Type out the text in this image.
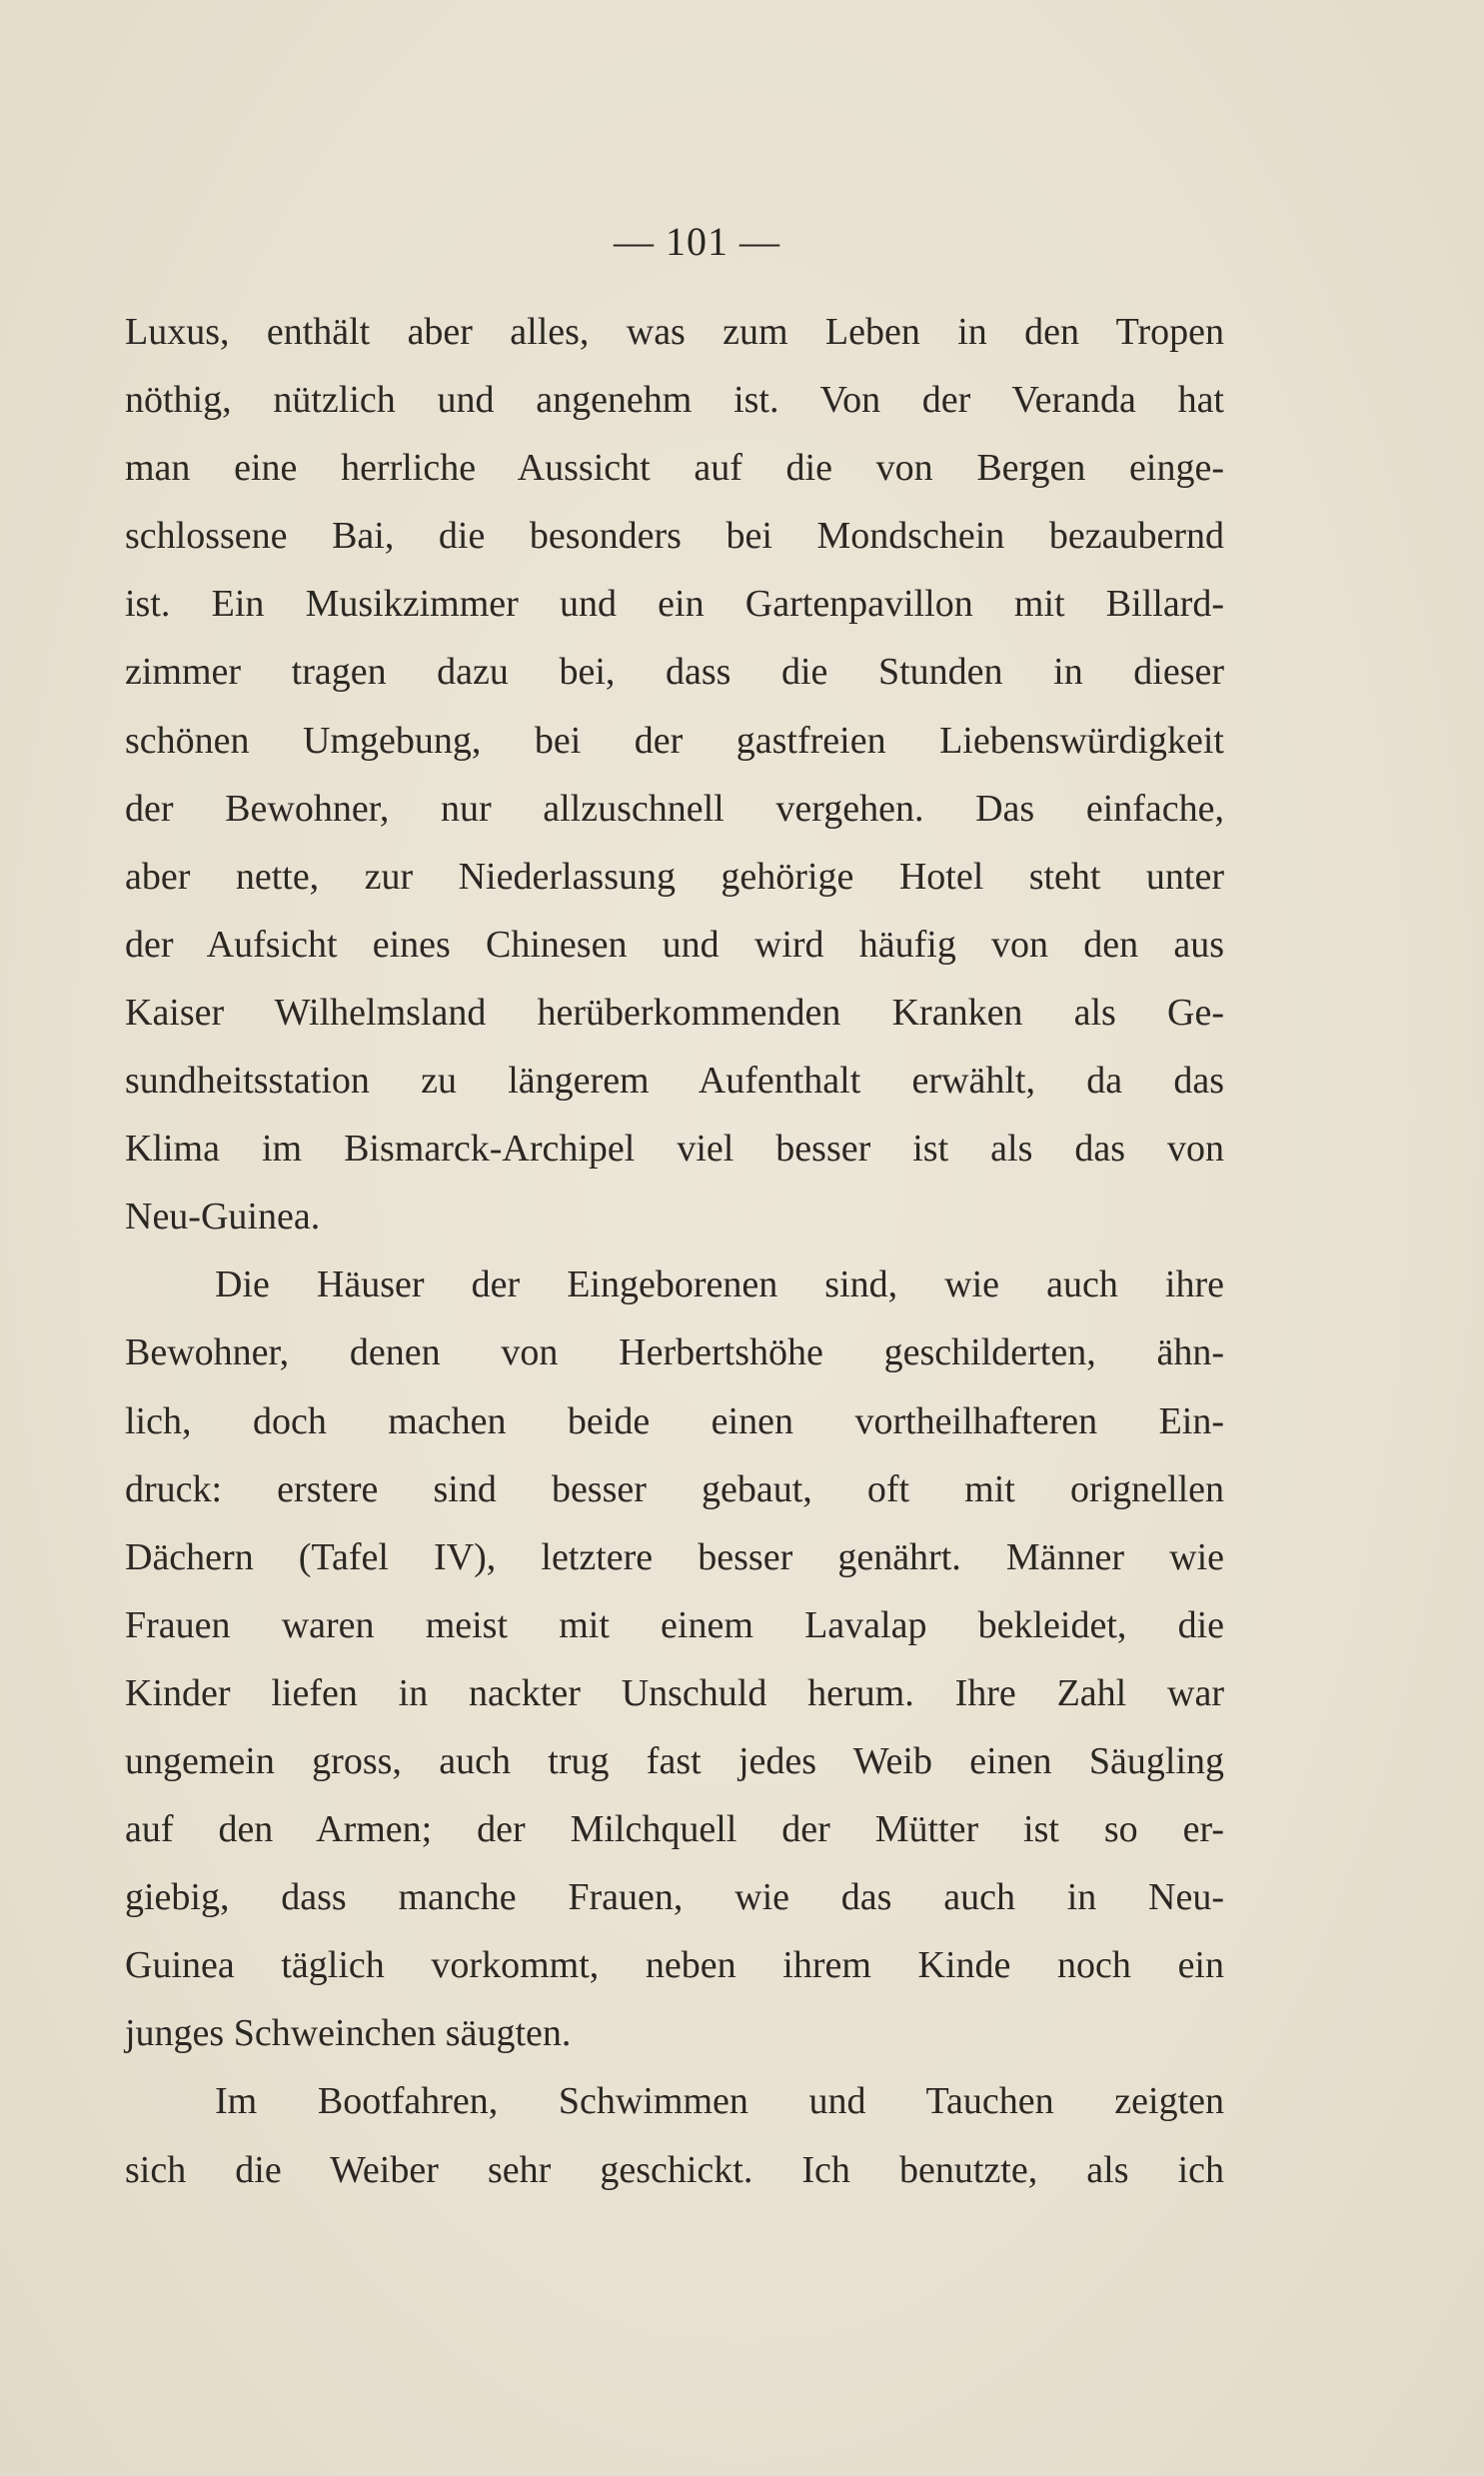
— 101 —
Luxus, enthält aber alles, was zum Leben in den Tropen
nöthig, nützlich und angenehm ist. Von der Veranda hat
man eine herrliche Aussicht auf die von Bergen einge-
schlossene Bai, die besonders bei Mondschein bezaubernd
ist. Ein Musikzimmer und ein Gartenpavillon mit Billard-
zimmer tragen dazu bei, dass die Stunden in dieser
schönen Umgebung, bei der gastfreien Liebenswürdigkeit
der Bewohner, nur allzuschnell vergehen. Das einfache,
aber nette, zur Niederlassung gehörige Hotel steht unter
der Aufsicht eines Chinesen und wird häufig von den aus
Kaiser Wilhelmsland herüberkommenden Kranken als Ge-
sundheitsstation zu längerem Aufenthalt erwählt, da das
Klima im Bismarck-Archipel viel besser ist als das von
Neu-Guinea.
Die Häuser der Eingeborenen sind, wie auch ihre
Bewohner, denen von Herbertshöhe geschilderten, ähn-
lich, doch machen beide einen vortheilhafteren Ein-
druck: erstere sind besser gebaut, oft mit orignellen
Dächern (Tafel IV), letztere besser genährt. Männer wie
Frauen waren meist mit einem Lavalap bekleidet, die
Kinder liefen in nackter Unschuld herum. Ihre Zahl war
ungemein gross, auch trug fast jedes Weib einen Säugling
auf den Armen; der Milchquell der Mütter ist so er-
giebig, dass manche Frauen, wie das auch in Neu-
Guinea täglich vorkommt, neben ihrem Kinde noch ein
junges Schweinchen säugten.
Im Bootfahren, Schwimmen und Tauchen zeigten
sich die Weiber sehr geschickt. Ich benutzte, als ich
